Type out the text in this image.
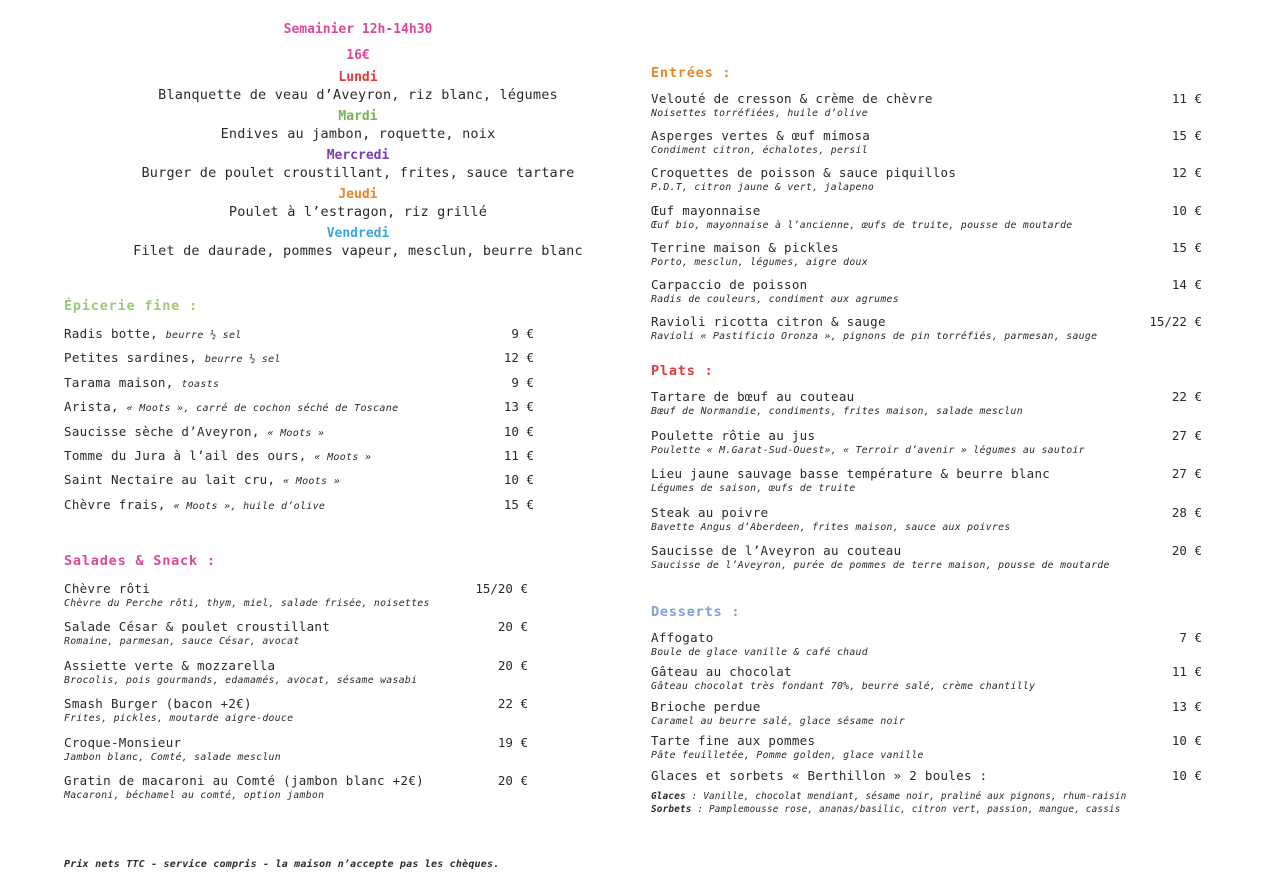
Semainier 12h-14h30
16€
Lundi
Blanquette de veau d’Aveyron, riz blanc, légumes
Mardi
Endives au jambon, roquette, noix
Mercredi
Burger de poulet croustillant, frites, sauce tartare
Jeudi
Poulet à l’estragon, riz grillé
Vendredi
Filet de daurade, pommes vapeur, mesclun, beurre blanc
Épicerie fine :
Radis botte, beurre ½ sel	9 €
Petites sardines, beurre ½ sel	12 €
Tarama maison, toasts	9 €
Arista, « Moots », carré de cochon séché de Toscane	13 €
Saucisse sèche d’Aveyron, « Moots »	10 €
Tomme du Jura à l’ail des ours, « Moots »	11 €
Saint Nectaire au lait cru, « Moots »	10 €
Chèvre frais, « Moots », huile d’olive	15 €
Salades & Snack :
Chèvre rôti
Chèvre du Perche rôti, thym, miel, salade frisée, noisettes
15/20 €
Salade César & poulet croustillant
Romaine, parmesan, sauce César, avocat
20 €
Assiette verte & mozzarella
Brocolis, pois gourmands, edamamés, avocat, sésame wasabi
20 €
Smash Burger (bacon +2€)
Frites, pickles, moutarde aigre-douce
22 €
Croque-Monsieur
Jambon blanc, Comté, salade mesclun
19 €
Gratin de macaroni au Comté (jambon blanc +2€)
Macaroni, béchamel au comté, option jambon
20 €
Entrées :
Velouté de cresson & crème de chèvre
Noisettes torréfiées, huile d’olive
11 €
Asperges vertes & œuf mimosa
Condiment citron, échalotes, persil
15 €
Croquettes de poisson & sauce piquillos
P.D.T, citron jaune & vert, jalapeno
12 €
Œuf mayonnaise
Œuf bio, mayonnaise à l’ancienne, œufs de truite, pousse de moutarde
10 €
Terrine maison & pickles
Porto, mesclun, légumes, aigre doux
15 €
Carpaccio de poisson
Radis de couleurs, condiment aux agrumes
14 €
Ravioli ricotta citron & sauge
Ravioli « Pastificio Oronza », pignons de pin torréfiés, parmesan, sauge
15/22 €
Plats :
Tartare de bœuf au couteau
Bœuf de Normandie, condiments, frites maison, salade mesclun
22 €
Poulette rôtie au jus
Poulette « M.Garat-Sud-Ouest», « Terroir d’avenir » légumes au sautoir
27 €
Lieu jaune sauvage basse température & beurre blanc
Légumes de saison, œufs de truite
27 €
Steak au poivre
Bavette Angus d’Aberdeen, frites maison, sauce aux poivres
28 €
Saucisse de l’Aveyron au couteau
Saucisse de l’Aveyron, purée de pommes de terre maison, pousse de moutarde
20 €
Desserts :
Affogato
Boule de glace vanille & café chaud
7 €
Gâteau au chocolat
Gâteau chocolat très fondant 70%, beurre salé, crème chantilly
11 €
Brioche perdue
Caramel au beurre salé, glace sésame noir
13 €
Tarte fine aux pommes
Pâte feuilletée, Pomme golden, glace vanille
10 €
Glaces et sorbets « Berthillon » 2 boules :	10 €
Glaces : Vanille, chocolat mendiant, sésame noir, praliné aux pignons, rhum-raisin
Sorbets : Pamplemousse rose, ananas/basilic, citron vert, passion, mangue, cassis
Prix nets TTC - service compris - la maison n’accepte pas les chèques.
